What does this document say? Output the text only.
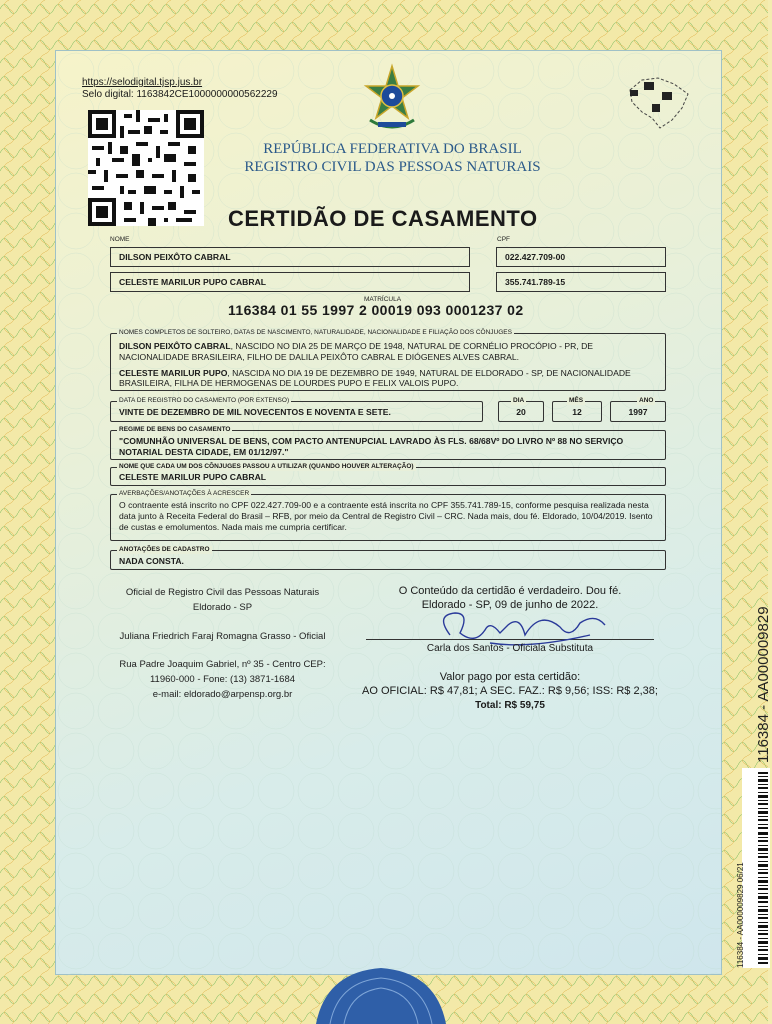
https://selodigital.tjsp.jus.br
Selo digital: 1163842CE1000000000562229
REPÚBLICA FEDERATIVA DO BRASIL
REGISTRO CIVIL DAS PESSOAS NATURAIS
CERTIDÃO DE CASAMENTO
NOME	CPF
DILSON PEIXÔTO CABRAL	022.427.709-00
CELESTE MARILUR PUPO CABRAL	355.741.789-15
MATRÍCULA
116384 01 55 1997 2 00019 093 0001237 02
NOMES COMPLETOS DE SOLTEIRO, DATAS DE NASCIMENTO, NATURALIDADE, NACIONALIDADE E FILIAÇÃO DOS CÔNJUGES
DILSON PEIXÔTO CABRAL, NASCIDO NO DIA 25 DE MARÇO DE 1948, NATURAL DE CORNÉLIO PROCÓPIO - PR, DE NACIONALIDADE BRASILEIRA, FILHO DE DALILA PEIXÔTO CABRAL E DIÓGENES ALVES CABRAL.
CELESTE MARILUR PUPO, NASCIDA NO DIA 19 DE DEZEMBRO DE 1949, NATURAL DE ELDORADO - SP, DE NACIONALIDADE BRASILEIRA, FILHA DE HERMOGENAS DE LOURDES PUPO E FELIX VALOIS PUPO.
DATA DE REGISTRO DO CASAMENTO (POR EXTENSO)
VINTE DE DEZEMBRO DE MIL NOVECENTOS E NOVENTA E SETE.
DIA
20
MÊS
12
ANO
1997
REGIME DE BENS DO CASAMENTO
"COMUNHÃO UNIVERSAL DE BENS, COM PACTO ANTENUPCIAL LAVRADO ÀS FLS. 68/68Vº DO LIVRO Nº 88 NO SERVIÇO NOTARIAL DESTA CIDADE, EM 01/12/97."
NOME QUE CADA UM DOS CÔNJUGES PASSOU A UTILIZAR (QUANDO HOUVER ALTERAÇÃO)
CELESTE MARILUR PUPO CABRAL
AVERBAÇÕES/ANOTAÇÕES À ACRESCER
O contraente está inscrito no CPF 022.427.709-00 e a contraente está inscrita no CPF 355.741.789-15, conforme pesquisa realizada nesta data junto à Receita Federal do Brasil – RFB, por meio da Central de Registro Civil – CRC. Nada mais, dou fé. Eldorado, 10/04/2019. Isento de custas e emolumentos. Nada mais me cumpria certificar.
ANOTAÇÕES DE CADASTRO
NADA CONSTA.
Oficial de Registro Civil das Pessoas Naturais
Eldorado - SP
Juliana Friedrich Faraj Romagna Grasso - Oficial
Rua Padre Joaquim Gabriel, nº 35 - Centro CEP:
11960-000 - Fone: (13) 3871-1684
e-mail: eldorado@arpensp.org.br
O Conteúdo da certidão é verdadeiro. Dou fé.
Eldorado - SP, 09 de junho de 2022.
Carla dos Santos - Oficiala Substituta
Valor pago por esta certidão:
AO OFICIAL: R$ 47,81; A SEC. FAZ.: R$ 9,56; ISS: R$ 2,38;
Total: R$ 59,75	116384 - AA000009829
116384 - AA000009829 06/21
